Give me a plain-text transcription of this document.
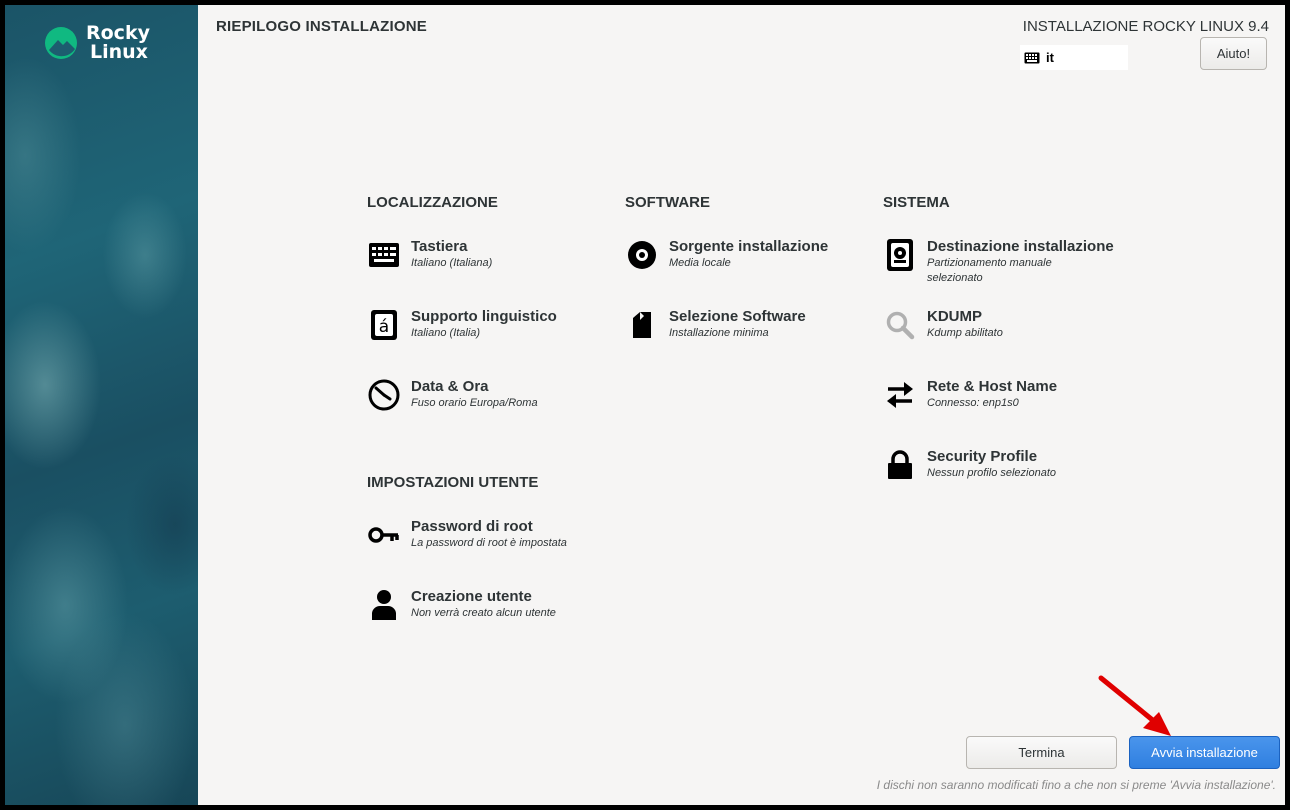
Rocky
Linux
RIEPILOGO INSTALLAZIONE	INSTALLAZIONE ROCKY LINUX 9.4
it	Aiuto!
LOCALIZZAZIONE	SOFTWARE	SISTEMA
IMPOSTAZIONI UTENTE
Tastiera
Italiano (Italiana)
á
Supporto linguistico
Italiano (Italia)
Data & Ora
Fuso orario Europa/Roma
Sorgente installazione
Media locale
Selezione Software
Installazione minima
Destinazione installazione
Partizionamento manuale selezionato
KDUMP
Kdump abilitato
Rete & Host Name
Connesso: enp1s0
Security Profile
Nessun profilo selezionato
Password di root
La password di root è impostata
Creazione utente
Non verrà creato alcun utente
Termina	Avvia installazione
I dischi non saranno modificati fino a che non si preme 'Avvia installazione'.
